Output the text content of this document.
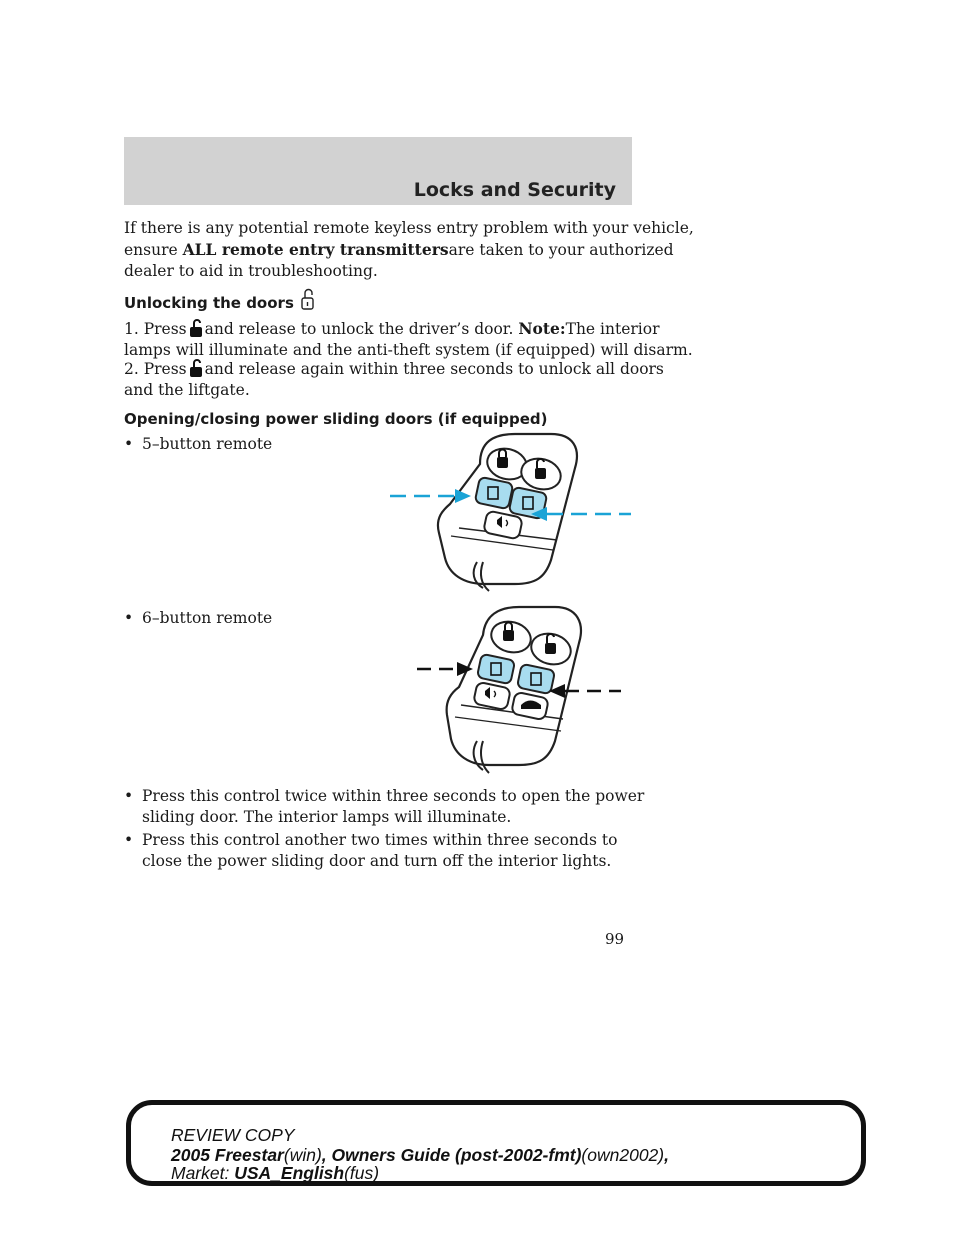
Locks and Security
If there is any potential remote keyless entry problem with your vehicle,
ensure ALL remote entry transmittersare taken to your authorized
dealer to aid in troubleshooting.
Unlocking the doors
1. Press and release to unlock the driver’s door. Note:The interior
lamps will illuminate and the anti-theft system (if equipped) will disarm.
2. Press and release again within three seconds to unlock all doors
and the liftgate.
Opening/closing power sliding doors (if equipped)
• 5–button remote
• 6–button remote
• Press this control twice within three seconds to open the power sliding door. The interior lamps will illuminate.
• Press this control another two times within three seconds to close the power sliding door and turn off the interior lights.
99
REVIEW COPY
2005 Freestar(win), Owners Guide (post-2002-fmt)(own2002),
Market: USA_English(fus)
